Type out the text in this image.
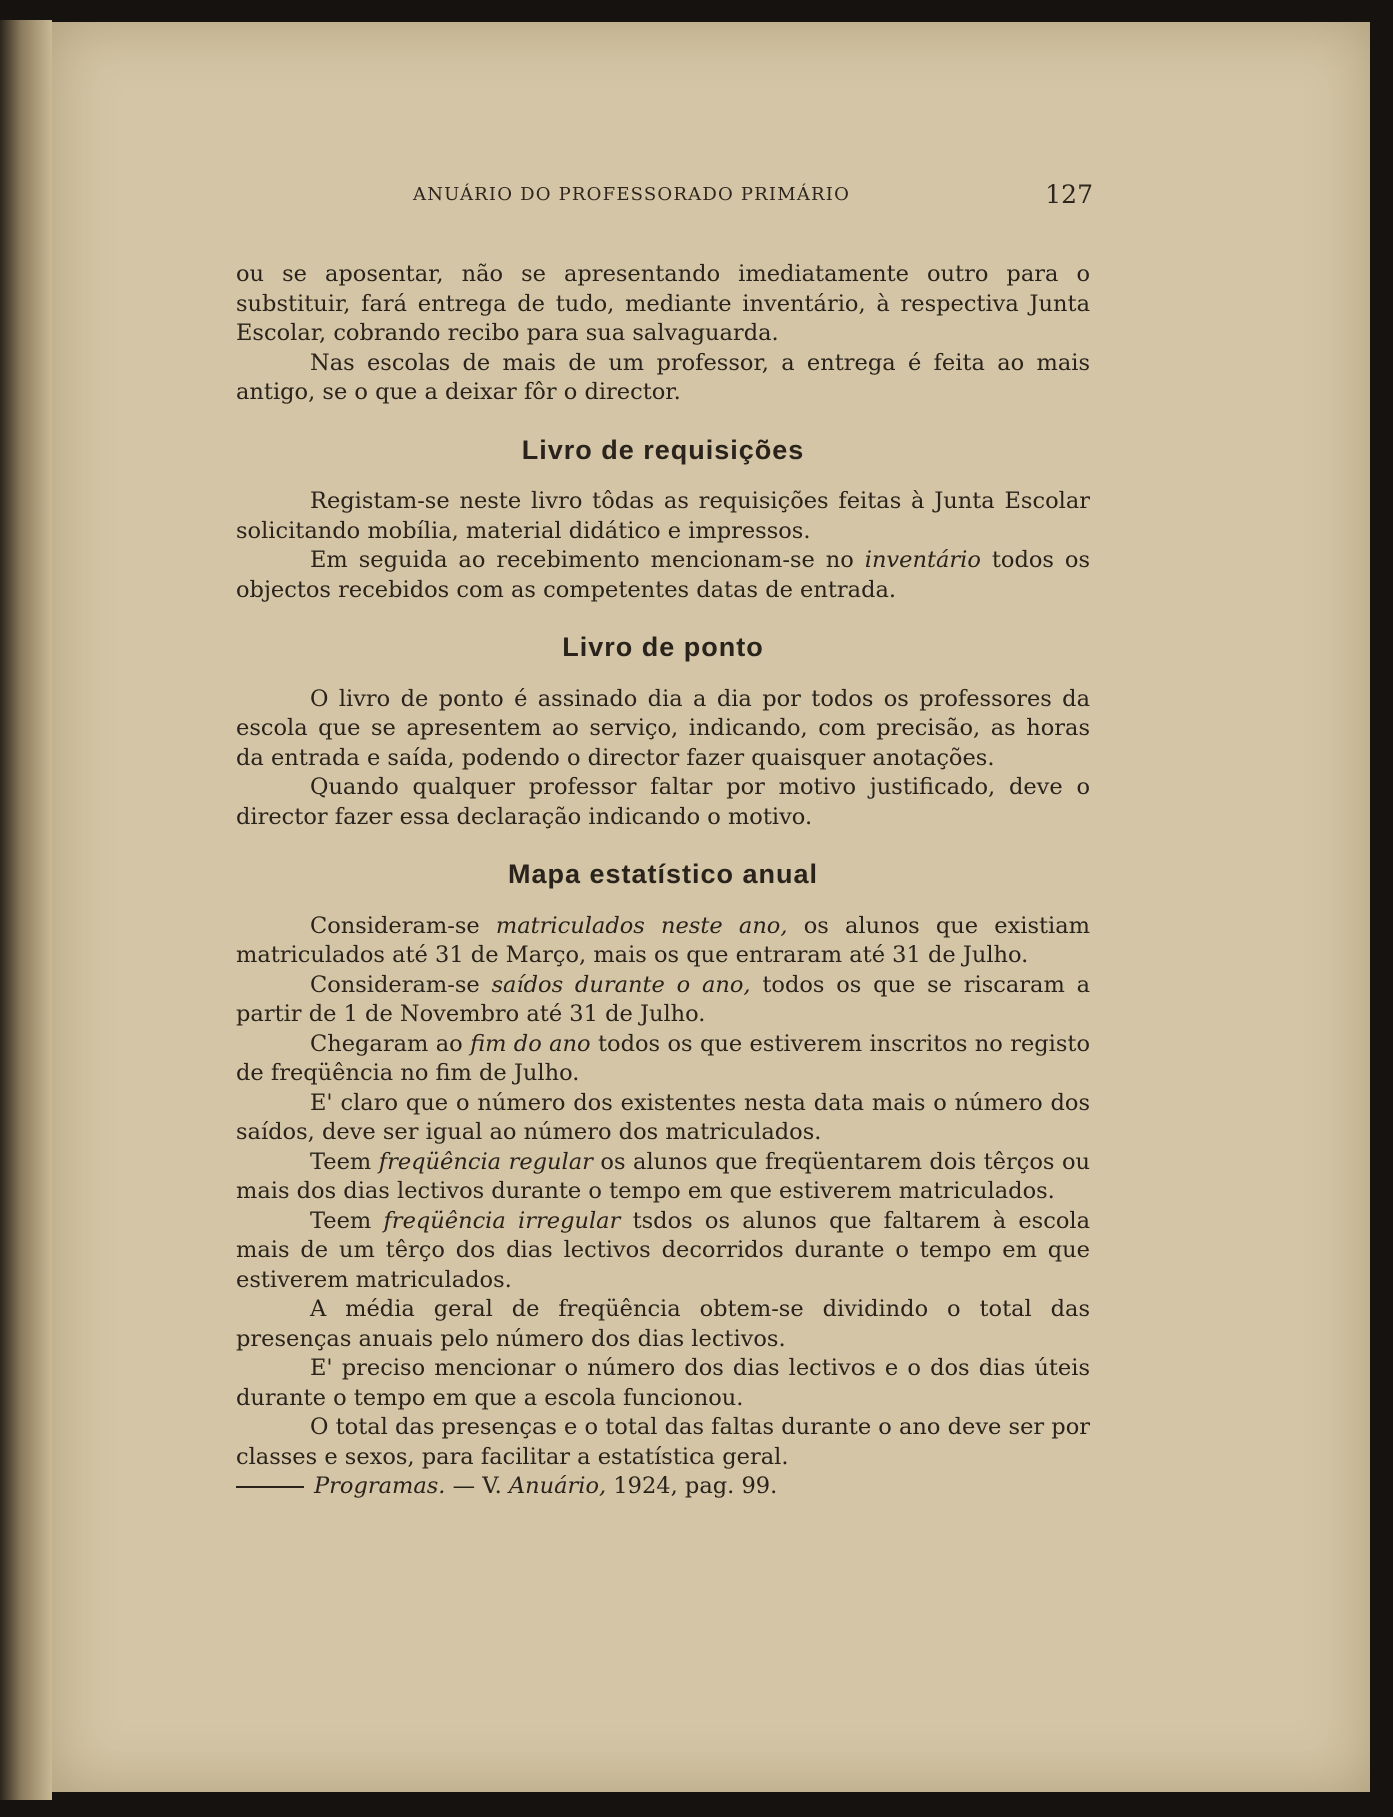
ANUÁRIO DO PROFESSORADO PRIMÁRIO	127

ou se aposentar, não se apresentando imediatamente outro para o substituir, fará entrega de tudo, mediante inventário, à respectiva Junta Escolar, cobrando recibo para sua salvaguarda.

Nas escolas de mais de um professor, a entrega é feita ao mais antigo, se o que a deixar fôr o director.

Livro de requisições

Registam-se neste livro tôdas as requisições feitas à Junta Escolar solicitando mobília, material didático e impressos.

Em seguida ao recebimento mencionam-se no inventário todos os objectos recebidos com as competentes datas de entrada.

Livro de ponto

O livro de ponto é assinado dia a dia por todos os professores da escola que se apresentem ao serviço, indicando, com precisão, as horas da entrada e saída, podendo o director fazer quaisquer anotações.

Quando qualquer professor faltar por motivo justificado, deve o director fazer essa declaração indicando o motivo.

Mapa estatístico anual

Consideram-se matriculados neste ano, os alunos que existiam matriculados até 31 de Março, mais os que entraram até 31 de Julho.

Consideram-se saídos durante o ano, todos os que se riscaram a partir de 1 de Novembro até 31 de Julho.

Chegaram ao fim do ano todos os que estiverem inscritos no registo de freqüência no fim de Julho.

E' claro que o número dos existentes nesta data mais o número dos saídos, deve ser igual ao número dos matriculados.

Teem freqüência regular os alunos que freqüentarem dois têrços ou mais dos dias lectivos durante o tempo em que estiverem matriculados.

Teem freqüência irregular tsdos os alunos que faltarem à escola mais de um têrço dos dias lectivos decorridos durante o tempo em que estiverem matriculados.

A média geral de freqüência obtem-se dividindo o total das presenças anuais pelo número dos dias lectivos.

E' preciso mencionar o número dos dias lectivos e o dos dias úteis durante o tempo em que a escola funcionou.

O total das presenças e o total das faltas durante o ano deve ser por classes e sexos, para facilitar a estatística geral.

Programas. — V. Anuário, 1924, pag. 99.
